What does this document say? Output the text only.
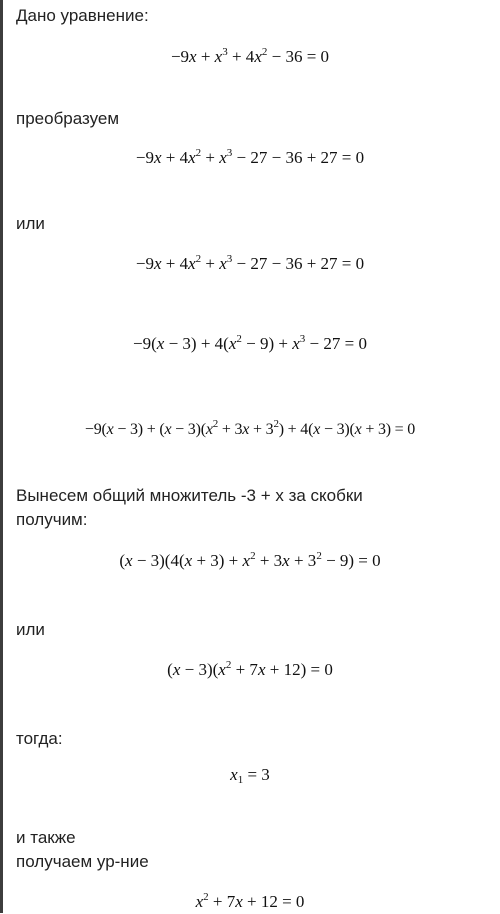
Дано уравнение:
$-9x + x^3 + 4x^2 - 36 = 0$
преобразуем
$-9x + 4x^2 + x^3 - 27 - 36 + 27 = 0$
или
$-9x + 4x^2 + x^3 - 27 - 36 + 27 = 0$
$-9(x - 3) + 4(x^2 - 9) + x^3 - 27 = 0$
$-9(x - 3) + (x - 3)(x^2 + 3x + 3^2) + 4(x - 3)(x + 3) = 0$
Вынесем общий множитель -3 + x за скобки
получим:
$(x - 3)(4(x + 3) + x^2 + 3x + 3^2 - 9) = 0$
или
$(x - 3)(x^2 + 7x + 12) = 0$
тогда:
$x_1 = 3$
и также
получаем ур-ние
$x^2 + 7x + 12 = 0$
